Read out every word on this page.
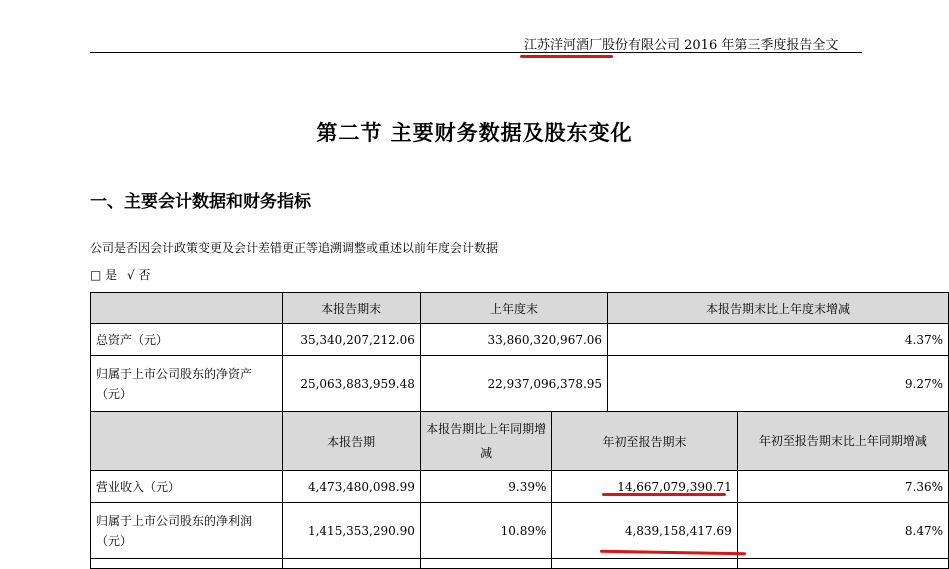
江苏洋河酒厂股份有限公司 2016 年第三季度报告全文
第二节 主要财务数据及股东变化
一、主要会计数据和财务指标
公司是否因会计政策变更及会计差错更正等追溯调整或重述以前年度会计数据
□ 是 √ 否
	本报告期末	上年度末		本报告期末比上年度末增减	
总资产（元）	35,340,207,212.06	33,860,320,967.06		4.37%	
归属于上市公司股东的净资产（元）	25,063,883,959.48	22,937,096,378.95		9.27%	
	本报告期	本报告期比上年同期增减	年初至报告期末		年初至报告期末比上年同期增减
营业收入（元）	4,473,480,098.99	9.39%	14,667,079,390.71		7.36%
归属于上市公司股东的净利润（元）	1,415,353,290.90	10.89%	4,839,158,417.69		8.47%
